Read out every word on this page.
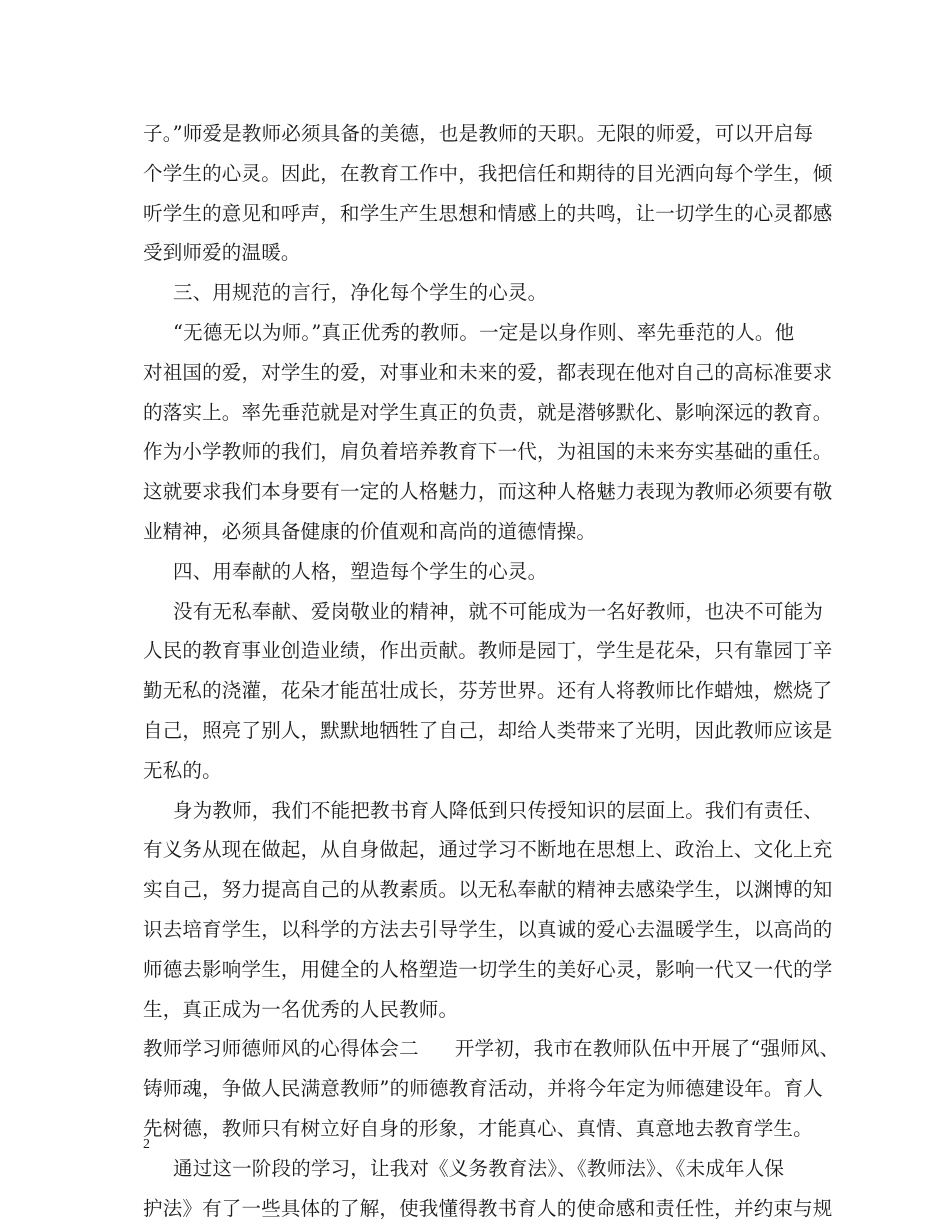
子。”师爱是教师必须具备的美德，也是教师的天职。无限的师爱，可以开启每
个学生的心灵。因此，在教育工作中，我把信任和期待的目光洒向每个学生，倾
听学生的意见和呼声，和学生产生思想和情感上的共鸣，让一切学生的心灵都感
受到师爱的温暖。
三、用规范的言行，净化每个学生的心灵。
“无德无以为师。”真正优秀的教师。一定是以身作则、率先垂范的人。他
对祖国的爱，对学生的爱，对事业和未来的爱，都表现在他对自己的高标准要求
的落实上。率先垂范就是对学生真正的负责，就是潜够默化、影响深远的教育。
作为小学教师的我们，肩负着培养教育下一代，为祖国的未来夯实基础的重任。
这就要求我们本身要有一定的人格魅力，而这种人格魅力表现为教师必须要有敬
业精神，必须具备健康的价值观和高尚的道德情操。
四、用奉献的人格，塑造每个学生的心灵。
没有无私奉献、爱岗敬业的精神，就不可能成为一名好教师，也决不可能为
人民的教育事业创造业绩，作出贡献。教师是园丁，学生是花朵，只有靠园丁辛
勤无私的浇灌，花朵才能茁壮成长，芬芳世界。还有人将教师比作蜡烛，燃烧了
自己，照亮了别人，默默地牺牲了自己，却给人类带来了光明，因此教师应该是
无私的。
身为教师，我们不能把教书育人降低到只传授知识的层面上。我们有责任、
有义务从现在做起，从自身做起，通过学习不断地在思想上、政治上、文化上充
实自己，努力提高自己的从教素质。以无私奉献的精神去感染学生，以渊博的知
识去培育学生，以科学的方法去引导学生，以真诚的爱心去温暖学生，以高尚的
师德去影响学生，用健全的人格塑造一切学生的美好心灵，影响一代又一代的学
生，真正成为一名优秀的人民教师。
教师学习师德师风的心得体会二 开学初，我市在教师队伍中开展了“强师风、
铸师魂，争做人民满意教师”的师德教育活动，并将今年定为师德建设年。育人
先树德，教师只有树立好自身的形象，才能真心、真情、真意地去教育学生。
通过这一阶段的学习，让我对《义务教育法》、《教师法》、《未成年人保
护法》有了一些具体的了解，使我懂得教书育人的使命感和责任性，并约束与规
2
